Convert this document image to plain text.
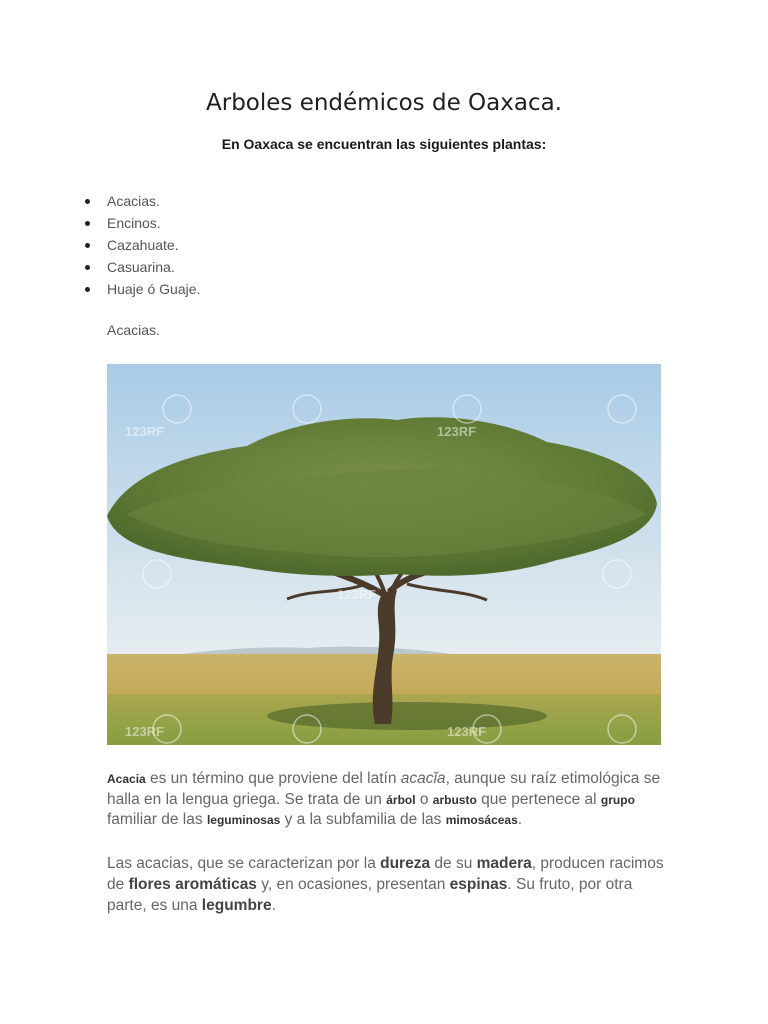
Arboles endémicos de Oaxaca.

En Oaxaca se encuentran las siguientes plantas:

Acacias.
Encinos.
Cazahuate.
Casuarina.
Huaje ó Guaje.

Acacias.

123RF	123RF
123RF
123RF	123RF

Acacia es un término que proviene del latín acacĭa, aunque su raíz etimológica se halla en la lengua griega. Se trata de un árbol o arbusto que pertenece al grupo familiar de las leguminosas y a la subfamilia de las mimosáceas.

Las acacias, que se caracterizan por la dureza de su madera, producen racimos de flores aromáticas y, en ocasiones, presentan espinas. Su fruto, por otra parte, es una legumbre.
